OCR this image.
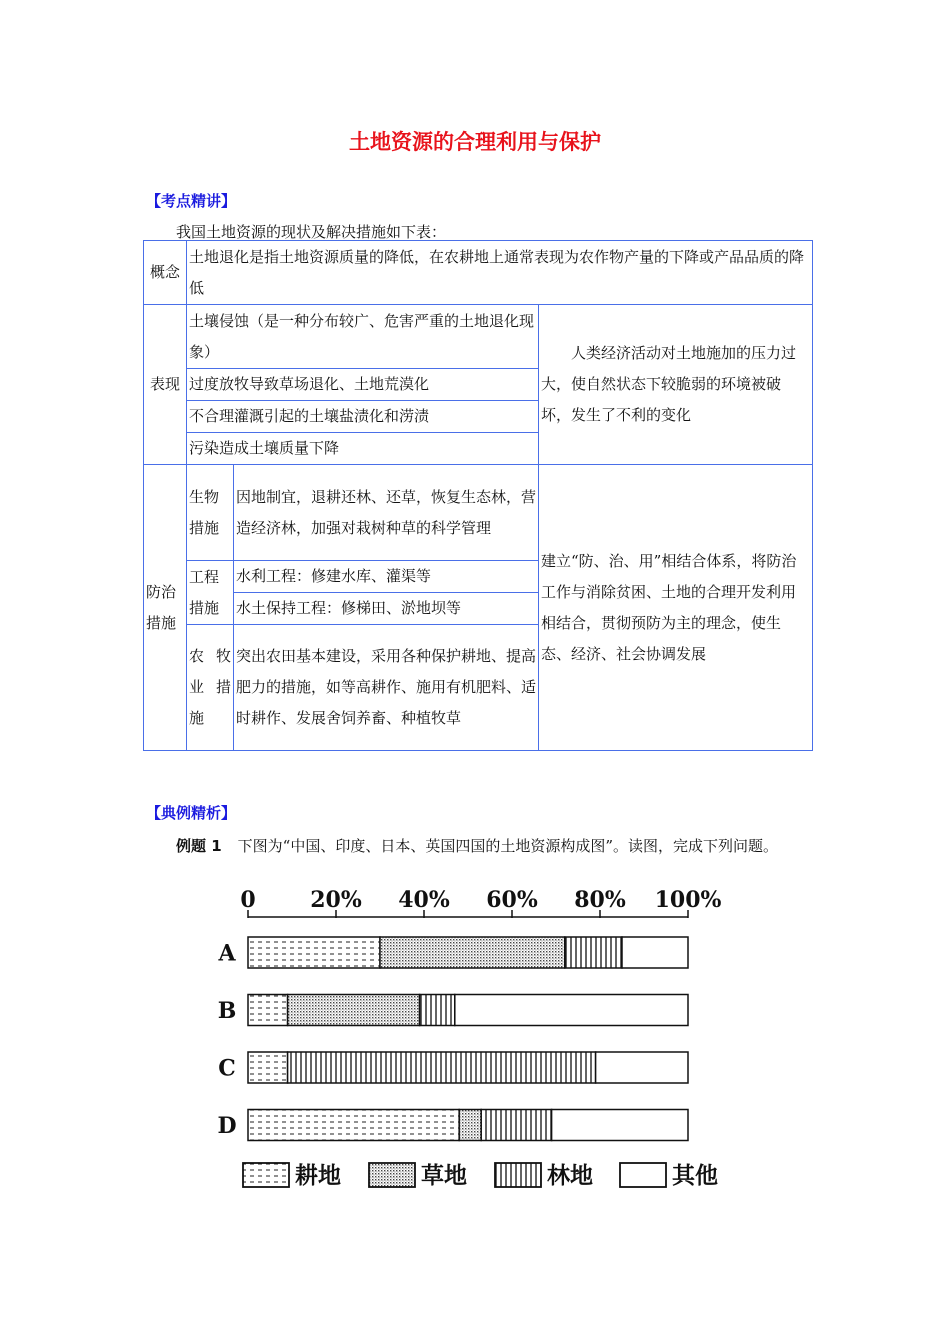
土地资源的合理利用与保护
【考点精讲】
我国土地资源的现状及解决措施如下表：
概念	土地退化是指土地资源质量的降低，在农耕地上通常表现为农作物产量的下降或产品品质的降低		
表现	土壤侵蚀（是一种分布较广、危害严重的土地退化现象）		人类经济活动对土地施加的压力过大，使自然状态下较脆弱的环境被破坏，发生了不利的变化
	过度放牧导致草场退化、土地荒漠化		
	不合理灌溉引起的土壤盐渍化和涝渍		
	污染造成土壤质量下降		
防治措施	生物措施	因地制宜，退耕还林、还草，恢复生态林，营造经济林，加强对栽树种草的科学管理	建立“防、治、用”相结合体系，将防治工作与消除贫困、土地的合理开发利用相结合，贯彻预防为主的理念，使生态、经济、社会协调发展
	工程措施	水利工程：修建水库、灌渠等	
		水土保持工程：修梯田、淤地坝等	
	农牧业措施	突出农田基本建设，采用各种保护耕地、提高肥力的措施，如等高耕作、施用有机肥料、适时耕作、发展舍饲养畜、种植牧草	
【典例精析】
例题 1 下图为“中国、印度、日本、英国四国的土地资源构成图”。读图，完成下列问题。
0 20% 40% 60% 80% 100%
A
B
C
D
耕地	草地	林地	其他
